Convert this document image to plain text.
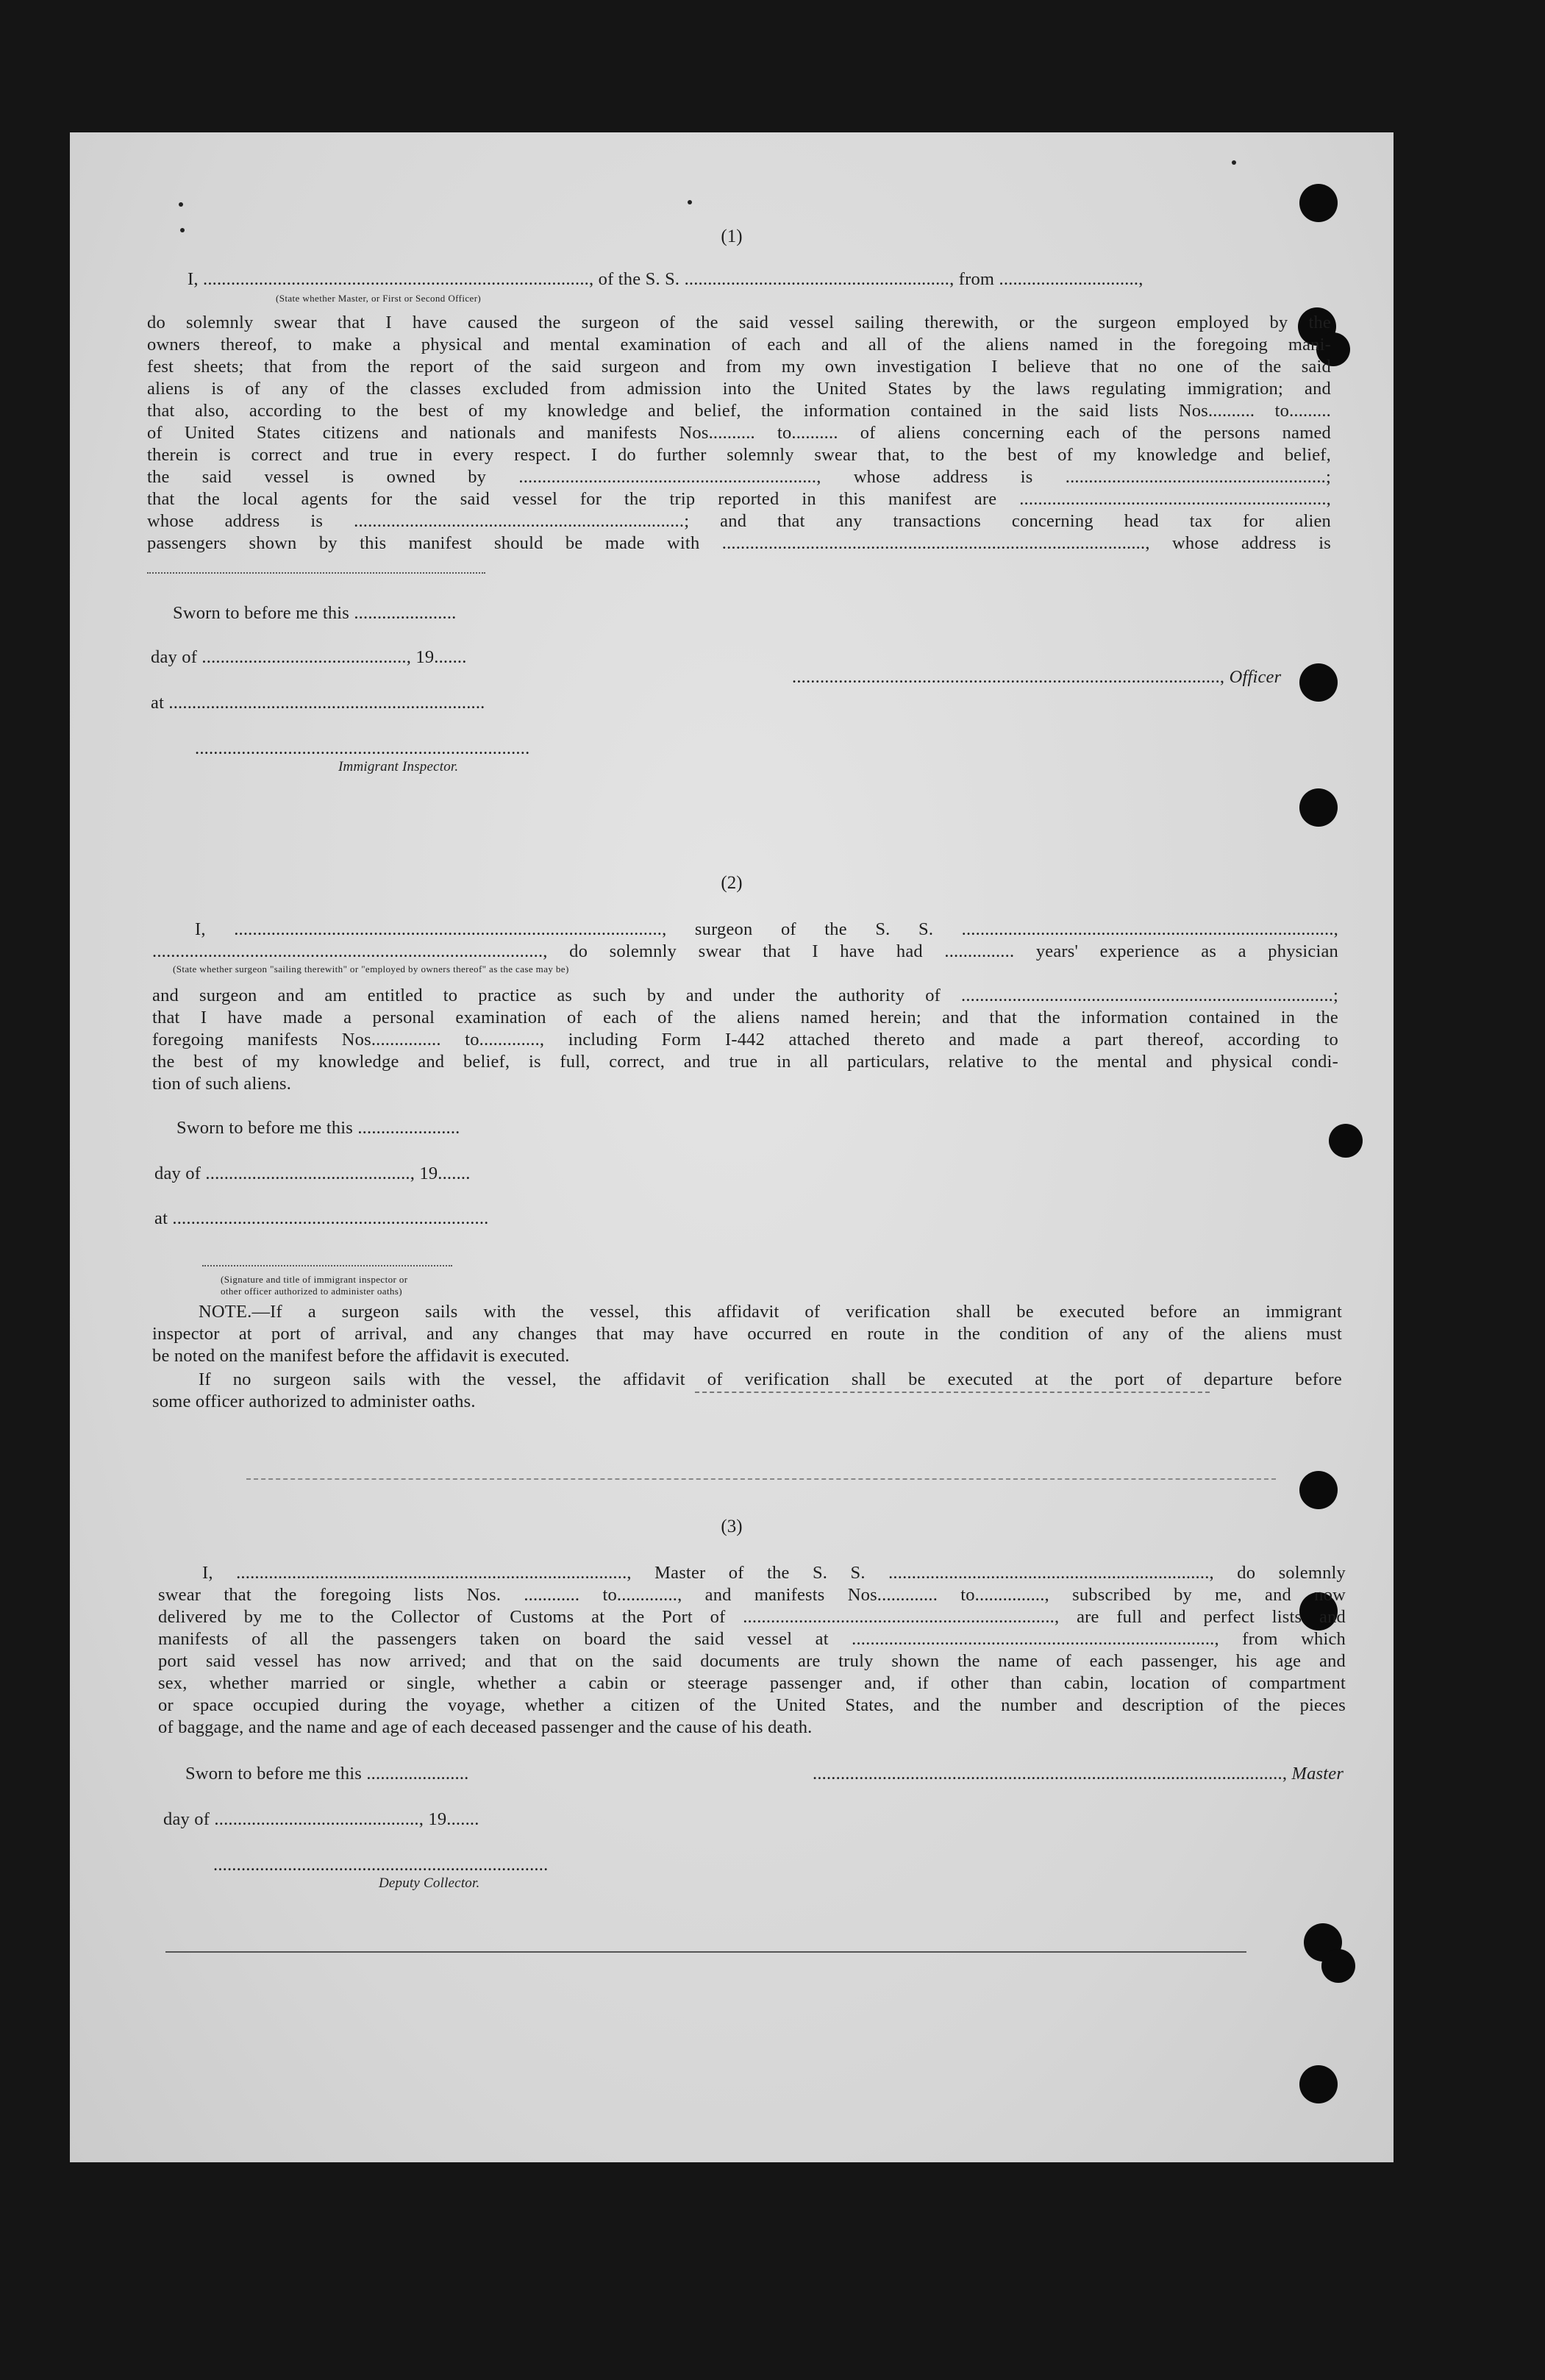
(1)
I, ..................................................................................., of the S. S. ........................................................., from ..............................,
(State whether Master, or First or Second Officer)
do solemnly swear that I have caused the surgeon of the said vessel sailing therewith, or the surgeon employed by the
owners thereof, to make a physical and mental examination of each and all of the aliens named in the foregoing mani-
fest sheets; that from the report of the said surgeon and from my own investigation I believe that no one of the said
aliens is of any of the classes excluded from admission into the United States by the laws regulating immigration; and
that also, according to the best of my knowledge and belief, the information contained in the said lists Nos.......... to.........
of United States citizens and nationals and manifests Nos.......... to.......... of aliens concerning each of the persons named
therein is correct and true in every respect. I do further solemnly swear that, to the best of my knowledge and belief,
the said vessel is owned by ................................................................, whose address is ........................................................;
that the local agents for the said vessel for the trip reported in this manifest are ..................................................................,
whose address is .......................................................................; and that any transactions concerning head tax for alien
passengers shown by this manifest should be made with ..........................................................................................., whose address is
Sworn to before me this ......................
day of ............................................, 19.......
at ....................................................................
........................................................................
Immigrant Inspector.
............................................................................................, Officer
(2)
I, ............................................................................................, surgeon of the S. S. ................................................................................,
...................................................................................., do solemnly swear that I have had ............... years' experience as a physician
(State whether surgeon "sailing therewith" or "employed by owners thereof" as the case may be)
and surgeon and am entitled to practice as such by and under the authority of ................................................................................;
that I have made a personal examination of each of the aliens named herein; and that the information contained in the
foregoing manifests Nos............... to............., including Form I-442 attached thereto and made a part thereof, according to
the best of my knowledge and belief, is full, correct, and true in all particulars, relative to the mental and physical condi-
tion of such aliens.
Sworn to before me this ......................
day of ............................................, 19.......
at ....................................................................
(Signature and title of immigrant inspector or
other officer authorized to administer oaths)
NOTE.—If a surgeon sails with the vessel, this affidavit of verification shall be executed before an immigrant
inspector at port of arrival, and any changes that may have occurred en route in the condition of any of the aliens must
be noted on the manifest before the affidavit is executed.
If no surgeon sails with the vessel, the affidavit of verification shall be executed at the port of departure before
some officer authorized to administer oaths.
(3)
I, ...................................................................................., Master of the S. S. ....................................................................., do solemnly
swear that the foregoing lists Nos. ............ to............., and manifests Nos............. to..............., subscribed by me, and now
delivered by me to the Collector of Customs at the Port of ..................................................................., are full and perfect lists and
manifests of all the passengers taken on board the said vessel at .............................................................................., from which
port said vessel has now arrived; and that on the said documents are truly shown the name of each passenger, his age and
sex, whether married or single, whether a cabin or steerage passenger and, if other than cabin, location of compartment
or space occupied during the voyage, whether a citizen of the United States, and the number and description of the pieces
of baggage, and the name and age of each deceased passenger and the cause of his death.
Sworn to before me this ......................
day of ............................................, 19.......
........................................................................
Deputy Collector.
....................................................................................................., Master
